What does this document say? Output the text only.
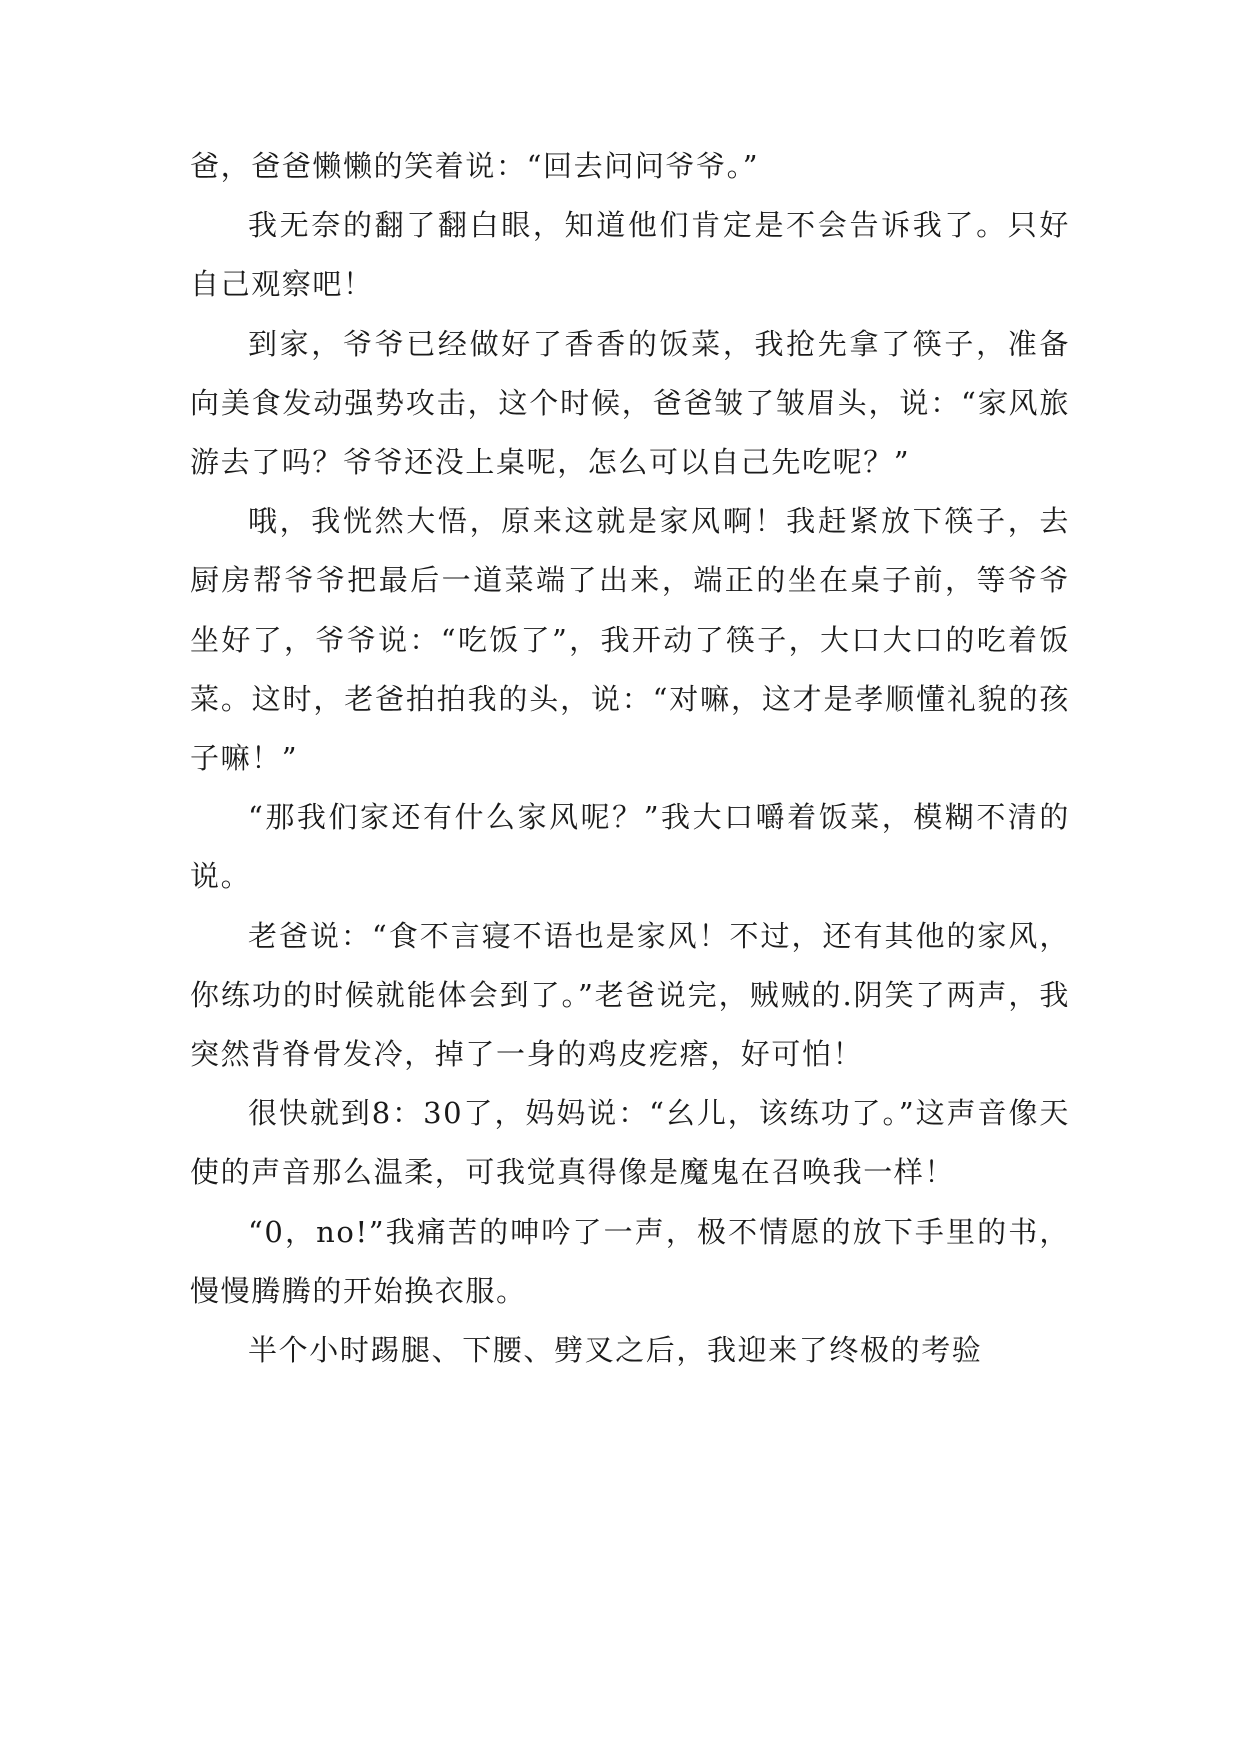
爸，爸爸懒懒的笑着说：“回去问问爷爷。”

我无奈的翻了翻白眼，知道他们肯定是不会告诉我了。只好自己观察吧！

到家，爷爷已经做好了香香的饭菜，我抢先拿了筷子，准备向美食发动强势攻击，这个时候，爸爸皱了皱眉头，说：“家风旅游去了吗？爷爷还没上桌呢，怎么可以自己先吃呢？”

哦，我恍然大悟，原来这就是家风啊！我赶紧放下筷子，去厨房帮爷爷把最后一道菜端了出来，端正的坐在桌子前，等爷爷坐好了，爷爷说：“吃饭了”，我开动了筷子，大口大口的吃着饭菜。这时，老爸拍拍我的头，说：“对嘛，这才是孝顺懂礼貌的孩子嘛！”

“那我们家还有什么家风呢？”我大口嚼着饭菜，模糊不清的说。

老爸说：“食不言寝不语也是家风！不过，还有其他的家风，你练功的时候就能体会到了。”老爸说完，贼贼的.阴笑了两声，我突然背脊骨发冷，掉了一身的鸡皮疙瘩，好可怕！

很快就到8：30了，妈妈说：“幺儿，该练功了。”这声音像天使的声音那么温柔，可我觉真得像是魔鬼在召唤我一样！

“0，no!”我痛苦的呻吟了一声，极不情愿的放下手里的书，慢慢腾腾的开始换衣服。

半个小时踢腿、下腰、劈叉之后，我迎来了终极的考验
